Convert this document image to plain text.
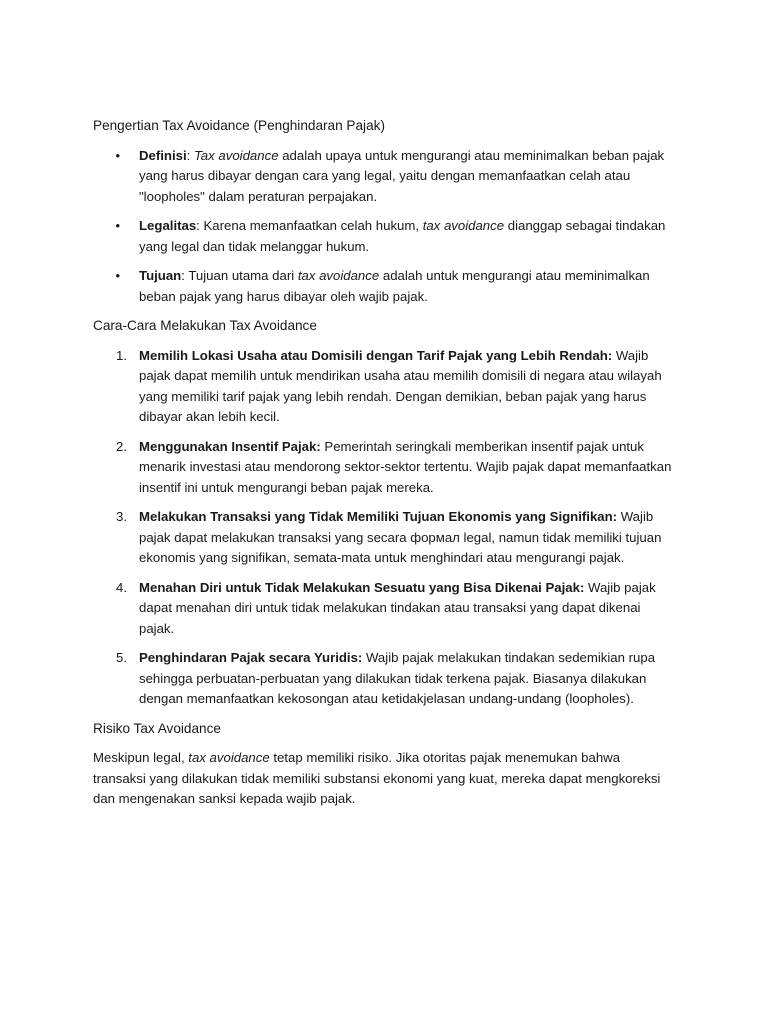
Pengertian Tax Avoidance (Penghindaran Pajak)

• Definisi: Tax avoidance adalah upaya untuk mengurangi atau meminimalkan beban pajak yang harus dibayar dengan cara yang legal, yaitu dengan memanfaatkan celah atau "loopholes" dalam peraturan perpajakan.
• Legalitas: Karena memanfaatkan celah hukum, tax avoidance dianggap sebagai tindakan yang legal dan tidak melanggar hukum.
• Tujuan: Tujuan utama dari tax avoidance adalah untuk mengurangi atau meminimalkan beban pajak yang harus dibayar oleh wajib pajak.

Cara-Cara Melakukan Tax Avoidance

1. Memilih Lokasi Usaha atau Domisili dengan Tarif Pajak yang Lebih Rendah: Wajib pajak dapat memilih untuk mendirikan usaha atau memilih domisili di negara atau wilayah yang memiliki tarif pajak yang lebih rendah. Dengan demikian, beban pajak yang harus dibayar akan lebih kecil.
2. Menggunakan Insentif Pajak: Pemerintah seringkali memberikan insentif pajak untuk menarik investasi atau mendorong sektor-sektor tertentu. Wajib pajak dapat memanfaatkan insentif ini untuk mengurangi beban pajak mereka.
3. Melakukan Transaksi yang Tidak Memiliki Tujuan Ekonomis yang Signifikan: Wajib pajak dapat melakukan transaksi yang secara формал legal, namun tidak memiliki tujuan ekonomis yang signifikan, semata-mata untuk menghindari atau mengurangi pajak.
4. Menahan Diri untuk Tidak Melakukan Sesuatu yang Bisa Dikenai Pajak: Wajib pajak dapat menahan diri untuk tidak melakukan tindakan atau transaksi yang dapat dikenai pajak.
5. Penghindaran Pajak secara Yuridis: Wajib pajak melakukan tindakan sedemikian rupa sehingga perbuatan-perbuatan yang dilakukan tidak terkena pajak. Biasanya dilakukan dengan memanfaatkan kekosongan atau ketidakjelasan undang-undang (loopholes).

Risiko Tax Avoidance

Meskipun legal, tax avoidance tetap memiliki risiko. Jika otoritas pajak menemukan bahwa transaksi yang dilakukan tidak memiliki substansi ekonomi yang kuat, mereka dapat mengkoreksi dan mengenakan sanksi kepada wajib pajak.
